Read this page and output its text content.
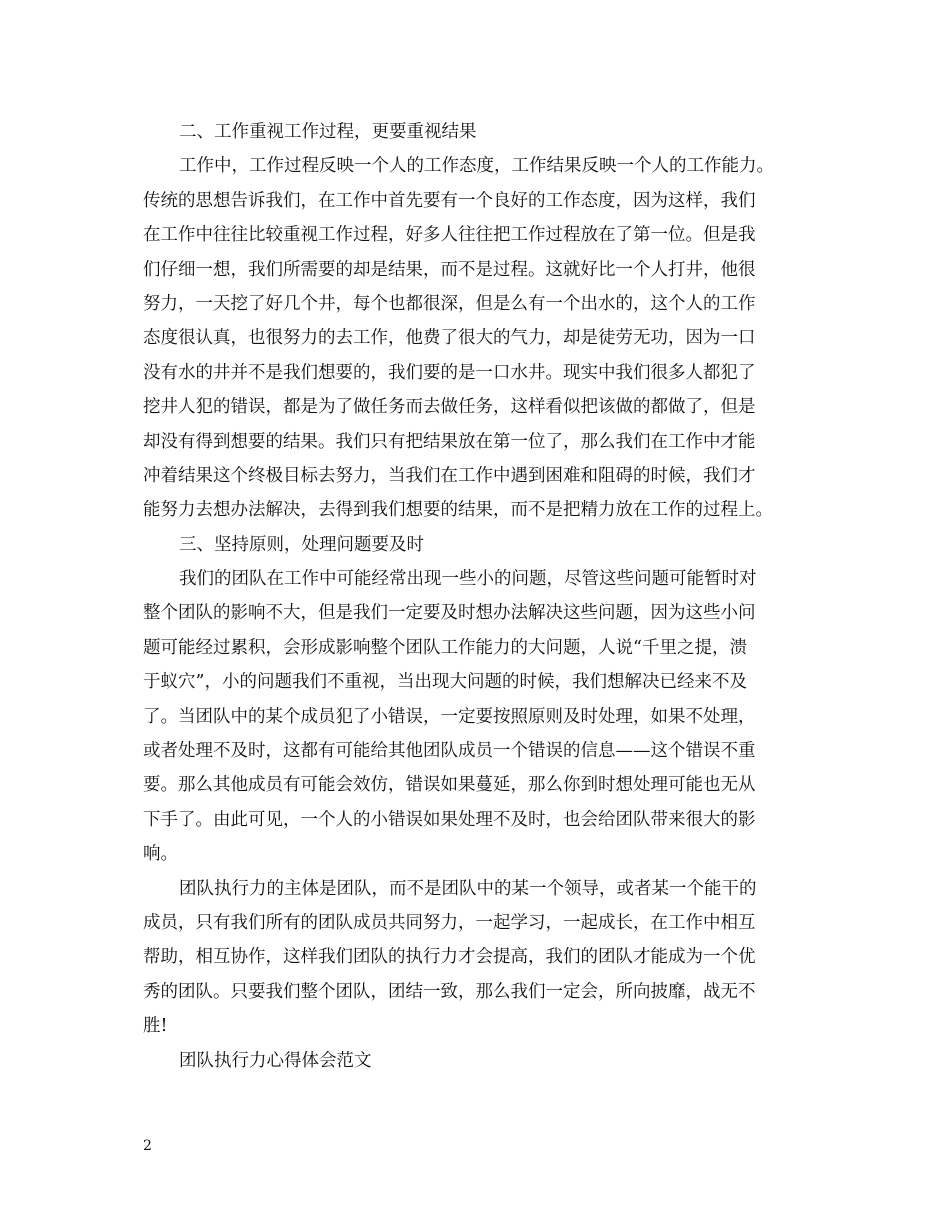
二、工作重视工作过程，更要重视结果
工作中，工作过程反映一个人的工作态度，工作结果反映一个人的工作能力。
传统的思想告诉我们，在工作中首先要有一个良好的工作态度，因为这样，我们
在工作中往往比较重视工作过程，好多人往往把工作过程放在了第一位。但是我
们仔细一想，我们所需要的却是结果，而不是过程。这就好比一个人打井，他很
努力，一天挖了好几个井，每个也都很深，但是么有一个出水的，这个人的工作
态度很认真，也很努力的去工作，他费了很大的气力，却是徒劳无功，因为一口
没有水的井并不是我们想要的，我们要的是一口水井。现实中我们很多人都犯了
挖井人犯的错误，都是为了做任务而去做任务，这样看似把该做的都做了，但是
却没有得到想要的结果。我们只有把结果放在第一位了，那么我们在工作中才能
冲着结果这个终极目标去努力，当我们在工作中遇到困难和阻碍的时候，我们才
能努力去想办法解决，去得到我们想要的结果，而不是把精力放在工作的过程上。
三、坚持原则，处理问题要及时
我们的团队在工作中可能经常出现一些小的问题，尽管这些问题可能暂时对
整个团队的影响不大，但是我们一定要及时想办法解决这些问题，因为这些小问
题可能经过累积，会形成影响整个团队工作能力的大问题，人说“千里之提，溃
于蚁穴”，小的问题我们不重视，当出现大问题的时候，我们想解决已经来不及
了。当团队中的某个成员犯了小错误，一定要按照原则及时处理，如果不处理，
或者处理不及时，这都有可能给其他团队成员一个错误的信息——这个错误不重
要。那么其他成员有可能会效仿，错误如果蔓延，那么你到时想处理可能也无从
下手了。由此可见，一个人的小错误如果处理不及时，也会给团队带来很大的影
响。
团队执行力的主体是团队，而不是团队中的某一个领导，或者某一个能干的
成员，只有我们所有的团队成员共同努力，一起学习，一起成长，在工作中相互
帮助，相互协作，这样我们团队的执行力才会提高，我们的团队才能成为一个优
秀的团队。只要我们整个团队，团结一致，那么我们一定会，所向披靡，战无不
胜!
团队执行力心得体会范文
2
